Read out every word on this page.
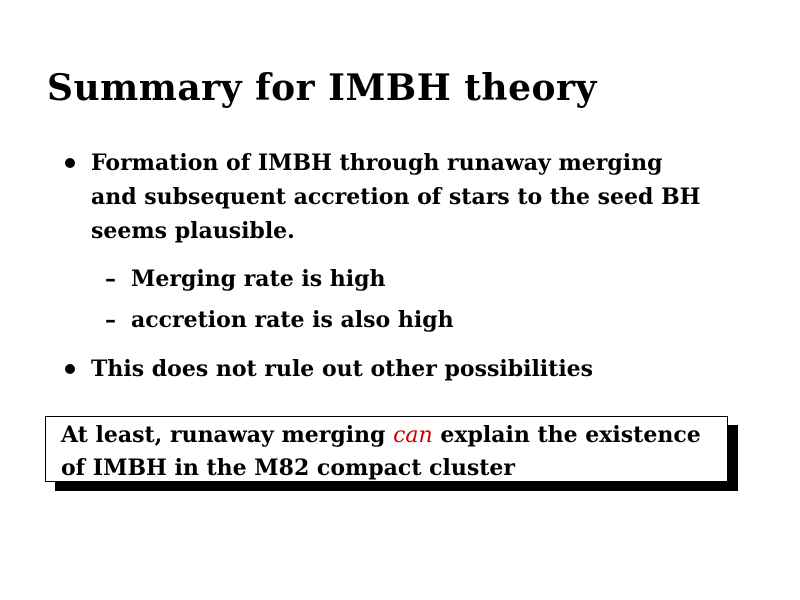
Summary for IMBH theory
Formation of IMBH through runaway merging
and subsequent accretion of stars to the seed BH
seems plausible.
This does not rule out other possibilities
– Merging rate is high
– accretion rate is also high
At least, runaway merging can explain the existence
of IMBH in the M82 compact cluster
